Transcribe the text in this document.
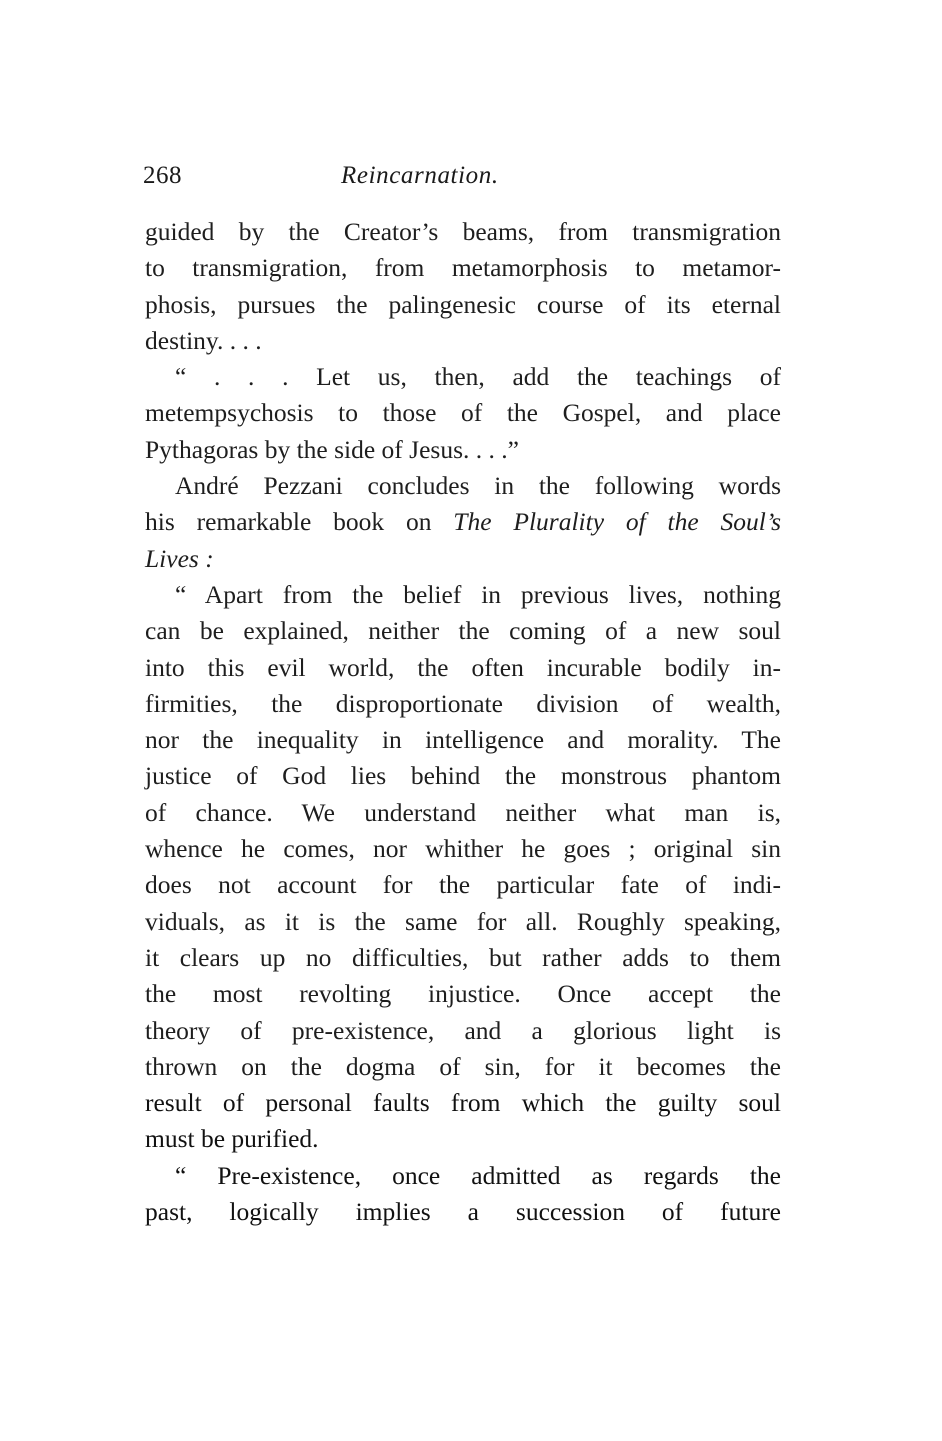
268	Reincarnation.
guided by the Creator’s beams, from transmigration
to transmigration, from metamorphosis to metamor-
phosis, pursues the palingenesic course of its eternal
destiny. . . .
“ . . . Let us, then, add the teachings of
metempsychosis to those of the Gospel, and place
Pythagoras by the side of Jesus. . . .”
André Pezzani concludes in the following words
his remarkable book on The Plurality of the Soul’s
Lives :
“ Apart from the belief in previous lives, nothing
can be explained, neither the coming of a new soul
into this evil world, the often incurable bodily in-
firmities, the disproportionate division of wealth,
nor the inequality in intelligence and morality. The
justice of God lies behind the monstrous phantom
of chance. We understand neither what man is,
whence he comes, nor whither he goes ; original sin
does not account for the particular fate of indi-
viduals, as it is the same for all. Roughly speaking,
it clears up no difficulties, but rather adds to them
the most revolting injustice. Once accept the
theory of pre-existence, and a glorious light is
thrown on the dogma of sin, for it becomes the
result of personal faults from which the guilty soul
must be purified.
“ Pre-existence, once admitted as regards the
past, logically implies a succession of future
